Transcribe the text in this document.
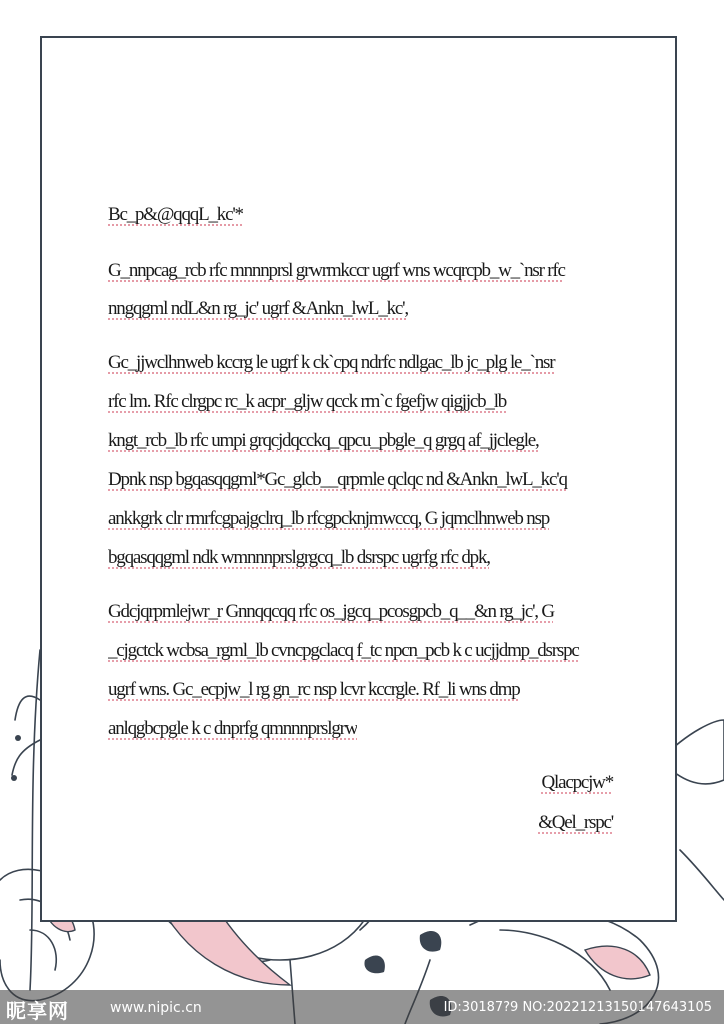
Bc_p&@qqqL_kc'*
G_nnpcag_rcb rfc mnnnprsl grwrmkccr ugrf wns wcqrcpb_w_`nsr rfc
nngqgml ndL&n rg_jc' ugrf &Ankn_lwL_kc',
Gc_jjwclhnweb kccrg le ugrf k ck`cpq ndrfc ndlgac_lb jc_plg le_`nsr
rfc lm. Rfc clrgpc rc_k acpr_gljw qcck rm`c fgefjw qigjjcb_lb
kngt_rcb_lb rfc umpi grqcjdqcckq_qpcu_pbgle_q grgq af_jjclegle,
Dpnk nsp bgqasqqgml*Gc_glcb__qrpmle qclqc nd &Ankn_lwL_kc'q
ankkgrk clr rmrfcgpajgclrq_lb rfcgpcknjmwccq, G jqmclhnweb nsp
bgqasqqgml ndk wmnnnprslgrgcq_lb dsrspc ugrfg rfc dpk,
Gdcjqrpmlejwr_r Gnnqqcqq rfc os_jgcq_pcosgpcb_q__&n rg_jc', G
_cjgctck wcbsa_rgml_lb cvncpgclacq f_tc npcn_pcb k c ucjjdmp_dsrspc
ugrf wns. Gc_ecpjw_l rg gn_rc nsp lcvr kccrgle. Rf_li wns dmp
anlqgbcpgle k c dnprfg qmnnnprslgrw
Qlacpcjw*
&Qel_rspc'
昵享网	www.nipic.cn	ID:30187?9 NO:20221213150147643105
